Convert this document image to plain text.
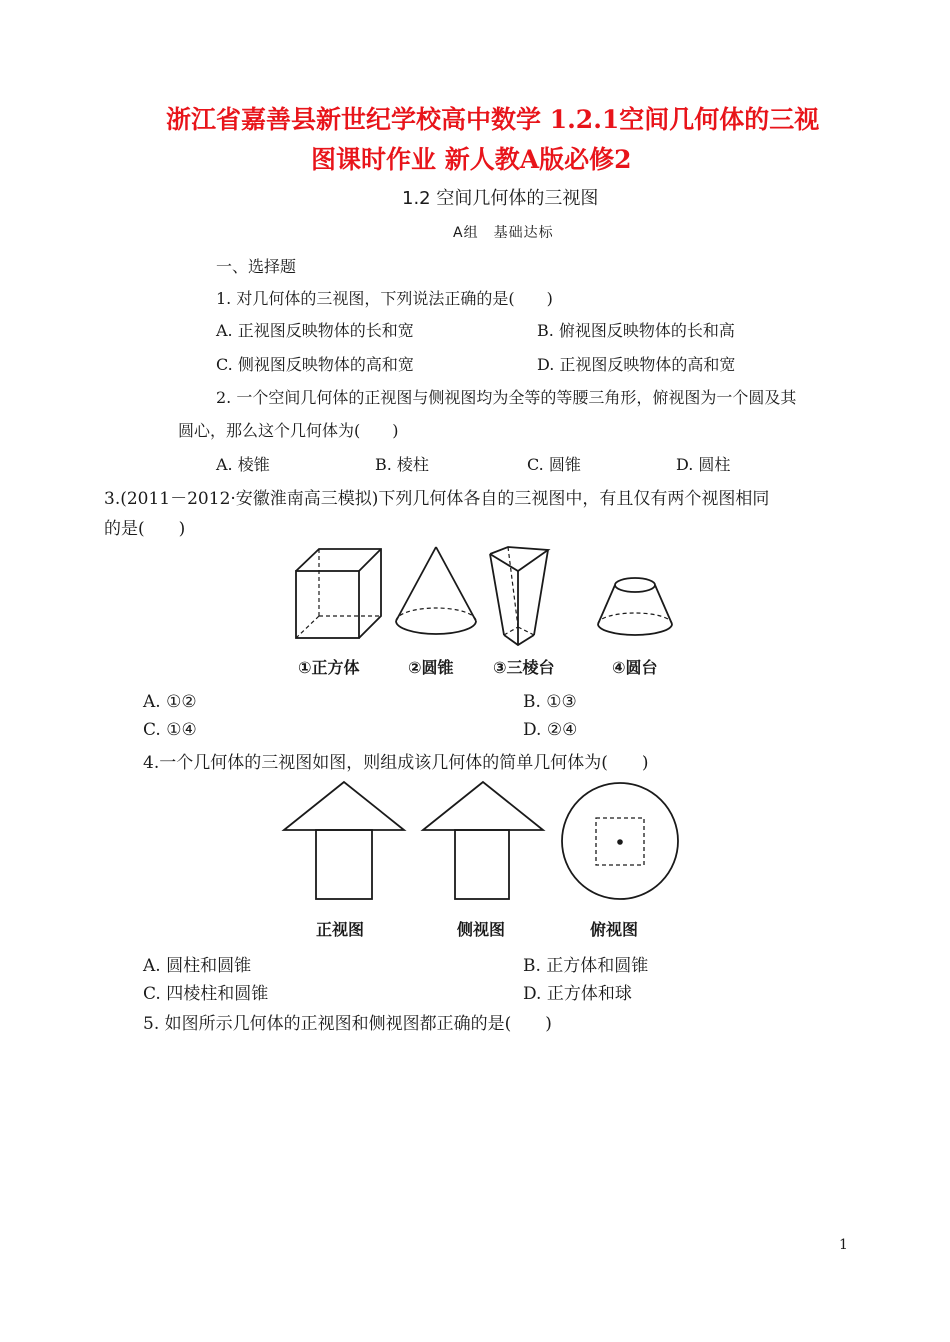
浙江省嘉善县新世纪学校高中数学 1.2.1空间几何体的三视
图课时作业 新人教A版必修2
1.2 空间几何体的三视图
A组　基础达标
一、选择题
1. 对几何体的三视图，下列说法正确的是(　　)
A. 正视图反映物体的长和宽	B. 俯视图反映物体的长和高
C. 侧视图反映物体的高和宽	D. 正视图反映物体的高和宽
2. 一个空间几何体的正视图与侧视图均为全等的等腰三角形，俯视图为一个圆及其
圆心，那么这个几何体为(　　)
A. 棱锥	B. 棱柱	C. 圆锥	D. 圆柱
3.(2011－2012·安徽淮南高三模拟)下列几何体各自的三视图中，有且仅有两个视图相同
的是(　　)
①正方体	②圆锥 ③三棱台	④圆台
A. ①②	B. ①③
C. ①④	D. ②④
4.一个几何体的三视图如图，则组成该几何体的简单几何体为(　　)
正视图	侧视图	俯视图
A. 圆柱和圆锥	B. 正方体和圆锥
C. 四棱柱和圆锥	D. 正方体和球
5. 如图所示几何体的正视图和侧视图都正确的是(　　)
1
